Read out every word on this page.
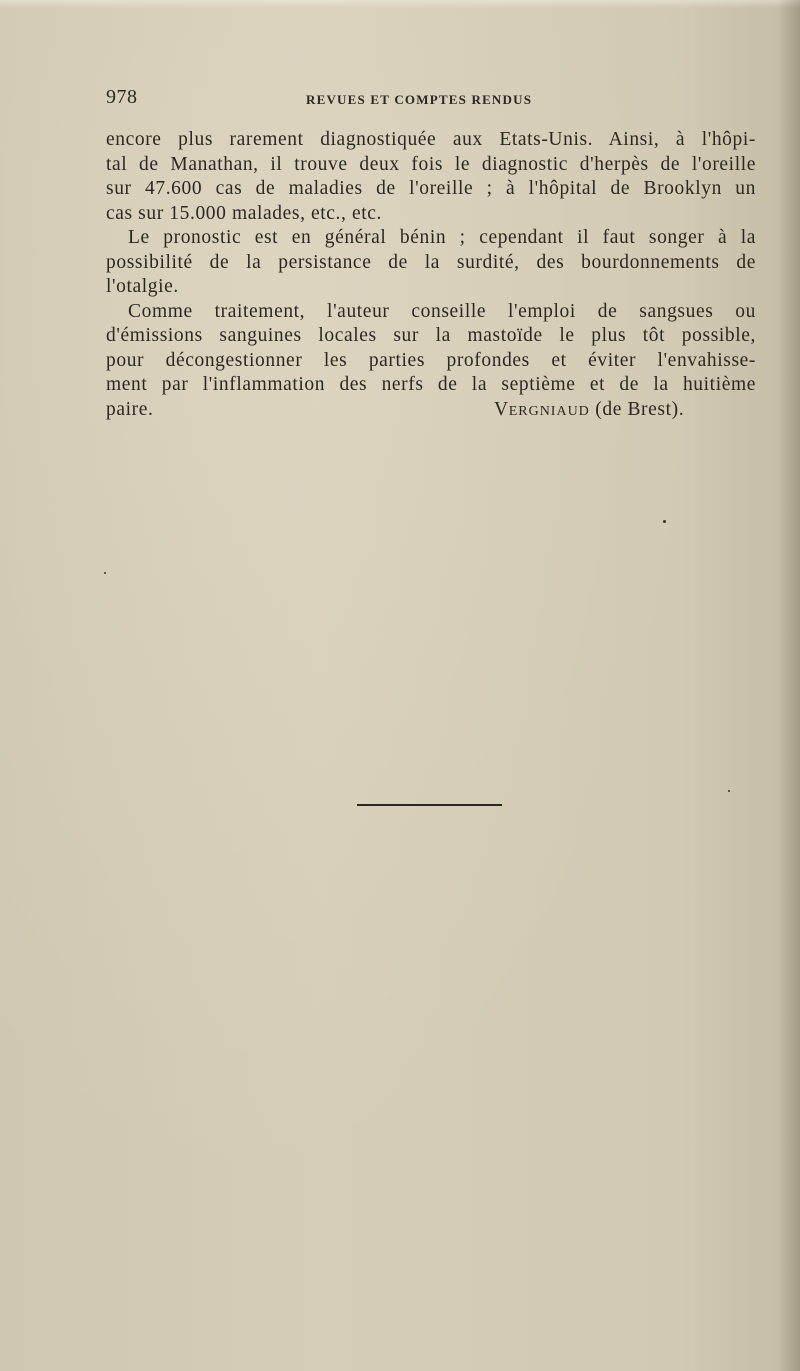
978	REVUES ET COMPTES RENDUS
encore plus rarement diagnostiquée aux Etats-Unis. Ainsi, à l'hôpi-
tal de Manathan, il trouve deux fois le diagnostic d'herpès de l'oreille
sur 47.600 cas de maladies de l'oreille ; à l'hôpital de Brooklyn un
cas sur 15.000 malades, etc., etc.
Le pronostic est en général bénin ; cependant il faut songer à la
possibilité de la persistance de la surdité, des bourdonnements de
l'otalgie.
Comme traitement, l'auteur conseille l'emploi de sangsues ou
d'émissions sanguines locales sur la mastoïde le plus tôt possible,
pour décongestionner les parties profondes et éviter l'envahisse-
ment par l'inflammation des nerfs de la septième et de la huitième
paire.	VERGNIAUD (de Brest).
